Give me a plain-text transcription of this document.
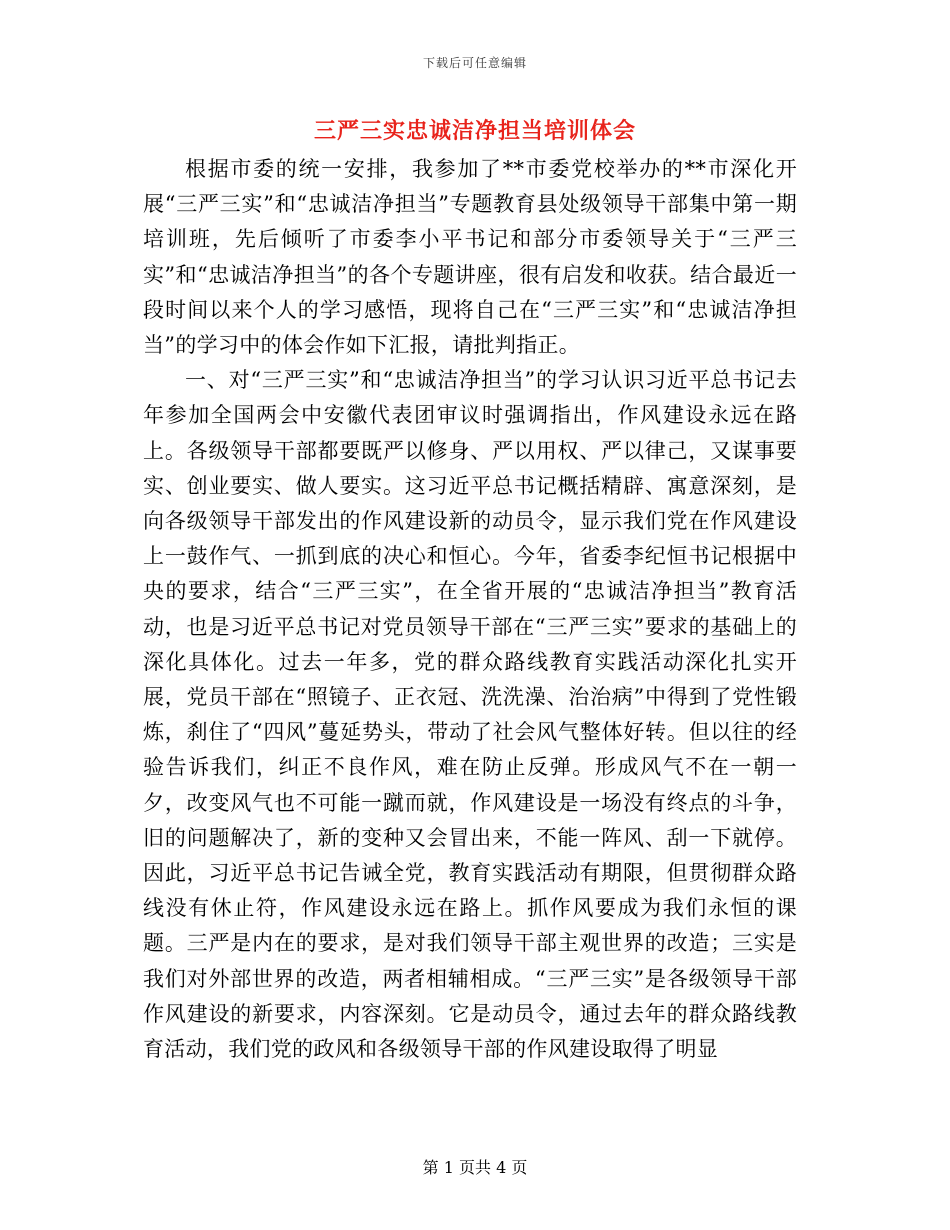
下载后可任意编辑
三严三实忠诚洁净担当培训体会

根据市委的统一安排，我参加了**市委党校举办的**市深化开展“三严三实”和“忠诚洁净担当”专题教育县处级领导干部集中第一期培训班，先后倾听了市委李小平书记和部分市委领导关于“三严三实”和“忠诚洁净担当”的各个专题讲座，很有启发和收获。结合最近一段时间以来个人的学习感悟，现将自己在“三严三实”和“忠诚洁净担当”的学习中的体会作如下汇报，请批判指正。

一、对“三严三实”和“忠诚洁净担当”的学习认识习近平总书记去年参加全国两会中安徽代表团审议时强调指出，作风建设永远在路上。各级领导干部都要既严以修身、严以用权、严以律己，又谋事要实、创业要实、做人要实。这习近平总书记概括精辟、寓意深刻，是向各级领导干部发出的作风建设新的动员令，显示我们党在作风建设上一鼓作气、一抓到底的决心和恒心。今年，省委李纪恒书记根据中央的要求，结合“三严三实”，在全省开展的“忠诚洁净担当”教育活动，也是习近平总书记对党员领导干部在“三严三实”要求的基础上的深化具体化。过去一年多，党的群众路线教育实践活动深化扎实开展，党员干部在“照镜子、正衣冠、洗洗澡、治治病”中得到了党性锻炼，刹住了“四风”蔓延势头，带动了社会风气整体好转。但以往的经验告诉我们，纠正不良作风，难在防止反弹。形成风气不在一朝一夕，改变风气也不可能一蹴而就，作风建设是一场没有终点的斗争，旧的问题解决了，新的变种又会冒出来，不能一阵风、刮一下就停。因此，习近平总书记告诫全党，教育实践活动有期限，但贯彻群众路线没有休止符，作风建设永远在路上。抓作风要成为我们永恒的课题。三严是内在的要求，是对我们领导干部主观世界的改造；三实是我们对外部世界的改造，两者相辅相成。“三严三实”是各级领导干部作风建设的新要求，内容深刻。它是动员令，通过去年的群众路线教育活动，我们党的政风和各级领导干部的作风建设取得了明显

第 1 页共 4 页
